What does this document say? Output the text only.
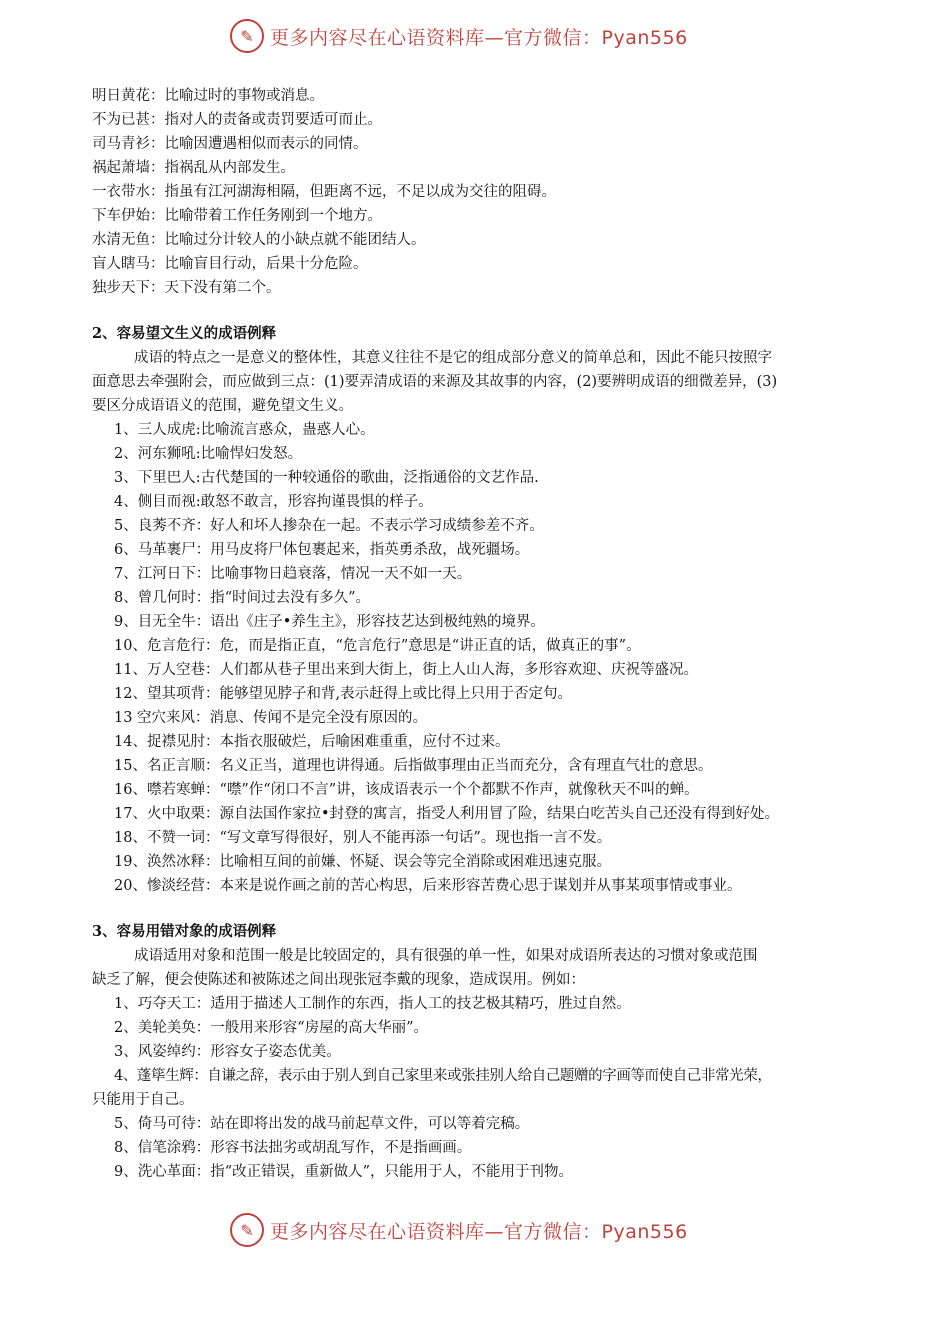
✎ 更多内容尽在心语资料库—官方微信：Pyan556
明日黄花：比喻过时的事物或消息。
不为已甚：指对人的责备或责罚要适可而止。
司马青衫：比喻因遭遇相似而表示的同情。
祸起萧墙：指祸乱从内部发生。
一衣带水：指虽有江河湖海相隔，但距离不远，不足以成为交往的阻碍。
下车伊始：比喻带着工作任务刚到一个地方。
水清无鱼：比喻过分计较人的小缺点就不能团结人。
盲人瞎马：比喻盲目行动，后果十分危险。
独步天下：天下没有第二个。
2、容易望文生义的成语例释
成语的特点之一是意义的整体性，其意义往往不是它的组成部分意义的简单总和，因此不能只按照字
面意思去牵强附会，而应做到三点：(1)要弄清成语的来源及其故事的内容，(2)要辨明成语的细微差异，(3)
要区分成语语义的范围，避免望文生义。
1、三人成虎:比喻流言惑众，蛊惑人心。
2、河东狮吼:比喻悍妇发怒。
3、下里巴人:古代楚国的一种较通俗的歌曲，泛指通俗的文艺作品.
4、侧目而视:敢怒不敢言，形容拘谨畏惧的样子。
5、良莠不齐：好人和坏人掺杂在一起。不表示学习成绩参差不齐。
6、马革裹尸：用马皮将尸体包裹起来，指英勇杀敌，战死疆场。
7、江河日下：比喻事物日趋衰落，情况一天不如一天。
8、曾几何时：指“时间过去没有多久”。
9、目无全牛：语出《庄子•养生主》，形容技艺达到极纯熟的境界。
10、危言危行：危，而是指正直，“危言危行”意思是“讲正直的话，做真正的事”。
11、万人空巷：人们都从巷子里出来到大街上，街上人山人海，多形容欢迎、庆祝等盛况。
12、望其项背：能够望见脖子和背,表示赶得上或比得上只用于否定句。
13 空穴来风：消息、传闻不是完全没有原因的。
14、捉襟见肘：本指衣服破烂，后喻困难重重，应付不过来。
15、名正言顺：名义正当，道理也讲得通。后指做事理由正当而充分，含有理直气壮的意思。
16、噤若寒蝉：“噤”作“闭口不言”讲，该成语表示一个个都默不作声，就像秋天不叫的蝉。
17、火中取栗：源自法国作家拉•封登的寓言，指受人利用冒了险，结果白吃苦头自己还没有得到好处。
18、不赞一词：“写文章写得很好，别人不能再添一句话”。现也指一言不发。
19、涣然冰释：比喻相互间的前嫌、怀疑、误会等完全消除或困难迅速克服。
20、惨淡经营：本来是说作画之前的苦心构思，后来形容苦费心思于谋划并从事某项事情或事业。
3、容易用错对象的成语例释
成语适用对象和范围一般是比较固定的，具有很强的单一性，如果对成语所表达的习惯对象或范围
缺乏了解，便会使陈述和被陈述之间出现张冠李戴的现象，造成误用。例如：
1、巧夺天工：适用于描述人工制作的东西，指人工的技艺极其精巧，胜过自然。
2、美轮美奂：一般用来形容“房屋的高大华丽”。
3、风姿绰约：形容女子姿态优美。
4、蓬筚生辉：自谦之辞，表示由于别人到自己家里来或张挂别人给自己题赠的字画等而使自己非常光荣，
只能用于自己。
5、倚马可待：站在即将出发的战马前起草文件，可以等着完稿。
8、信笔涂鸦：形容书法拙劣或胡乱写作，不是指画画。
9、洗心革面：指“改正错误，重新做人”，只能用于人，不能用于刊物。
✎ 更多内容尽在心语资料库—官方微信：Pyan556
